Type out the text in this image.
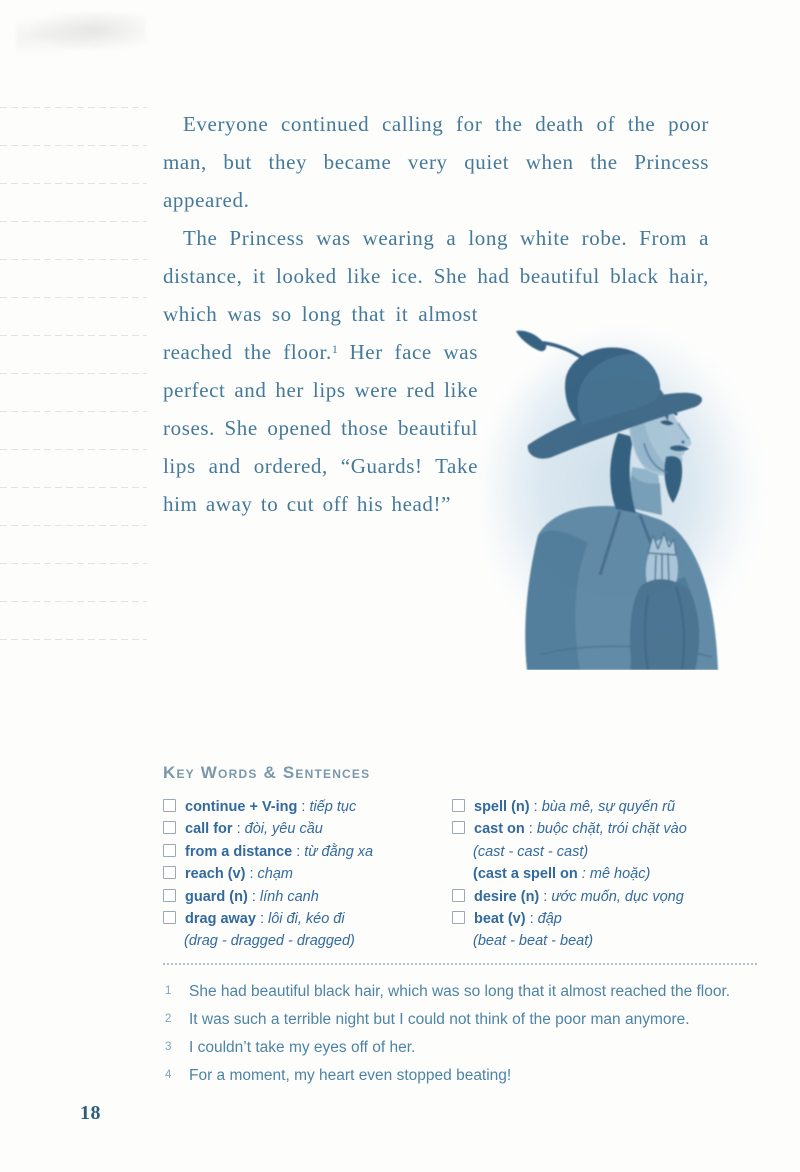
Everyone continued calling for the death of the poor man, but they became very quiet when the Princess appeared.

The Princess was wearing a long white robe. From a distance, it looked like ice. She had beautiful black hair, which was so long that it almost reached the floor.$^1$ Her face was perfect and her lips were red like roses. She opened those beautiful lips and ordered, “Guards! Take him away to cut off his head!”

Key Words & Sentences
continue + V-ing : tiếp tục
call for : đòi, yêu cầu
from a distance : từ đằng xa
reach (v) : chạm
guard (n) : lính canh
drag away : lôi đi, kéo đi
(drag - dragged - dragged)
spell (n) : bùa mê, sự quyến rũ
cast on : buộc chặt, trói chặt vào
(cast - cast - cast)
(cast a spell on : mê hoặc)
desire (n) : ước muốn, dục vọng
beat (v) : đập
(beat - beat - beat)
1 She had beautiful black hair, which was so long that it almost reached the floor.
2 It was such a terrible night but I could not think of the poor man anymore.
3 I couldn’t take my eyes off of her.
4 For a moment, my heart even stopped beating!
18
